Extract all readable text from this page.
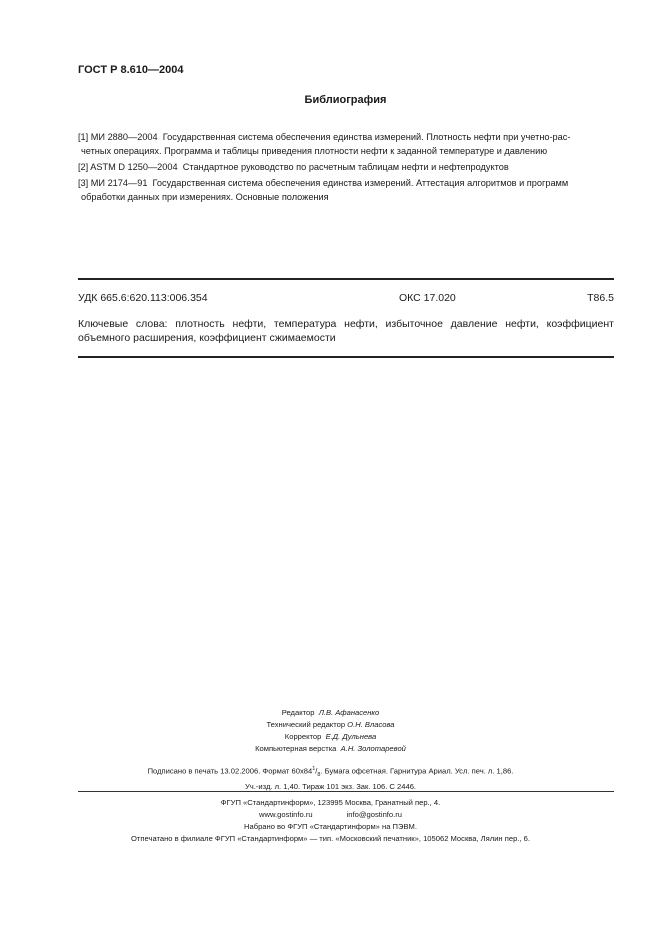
ГОСТ Р 8.610—2004
Библиография
[1] МИ 2880—2004 Государственная система обеспечения единства измерений. Плотность нефти при учетно-рас-
четных операциях. Программа и таблицы приведения плотности нефти к заданной температуре и давлению
[2] ASTM D 1250—2004 Стандартное руководство по расчетным таблицам нефти и нефтепродуктов
[3] МИ 2174—91 Государственная система обеспечения единства измерений. Аттестация алгоритмов и программ
обработки данных при измерениях. Основные положения
УДК 665.6:620.113:006.354	ОКС 17.020	Т86.5
Ключевые слова: плотность нефти, температура нефти, избыточное давление нефти, коэффициент объемного расширения, коэффициент сжимаемости
Редактор Л.В. Афанасенко
Технический редактор О.Н. Власова
Корректор Е.Д. Дульнева
Компьютерная верстка А.Н. Золотаревой
Подписано в печать 13.02.2006. Формат $60х84^1/_8$. Бумага офсетная. Гарнитура Ариал. Усл. печ. л. 1,86.
Уч.-изд. л. 1,40. Тираж 101 экз. Зак. 106. С 2446.
ФГУП «Стандартинформ», 123995 Москва, Гранатный пер., 4.
www.gostinfo.ru	info@gostinfo.ru
Набрано во ФГУП «Стандартинформ» на ПЭВМ.
Отпечатано в филиале ФГУП «Стандартинформ» — тип. «Московский печатник», 105062 Москва, Лялин пер., 6.
